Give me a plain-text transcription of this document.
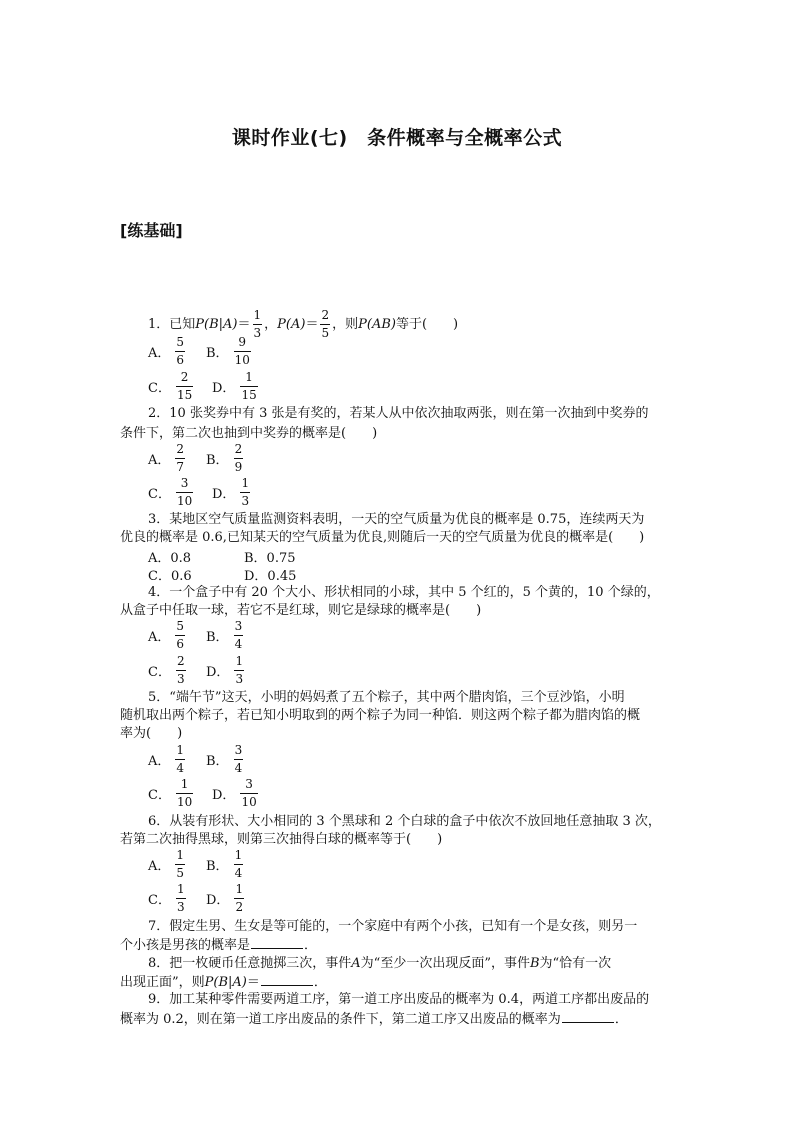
课时作业(七)　条件概率与全概率公式
[练基础]
1．已知$P(B|A)= \frac{1}{3}$ ，$P(A)= \frac{2}{5}$ ，则P(AB)等于(　　)
A． $\frac{5}{6}$ B． $\frac{9}{10}$
C． $\frac{2}{15}$ D． $\frac{1}{15}$
2．10 张奖券中有 3 张是有奖的，若某人从中依次抽取两张，则在第一次抽到中奖券的
条件下，第二次也抽到中奖券的概率是(　　)
A． $\frac{2}{7}$ B． $\frac{2}{9}$
C． $\frac{3}{10}$ D． $\frac{1}{3}$
3．某地区空气质量监测资料表明，一天的空气质量为优良的概率是 0.75，连续两天为
优良的概率是 0.6,已知某天的空气质量为优良,则随后一天的空气质量为优良的概率是(　　)
A．0.8	B．0.75
C．0.6	D．0.45
4．一个盒子中有 20 个大小、形状相同的小球，其中 5 个红的，5 个黄的，10 个绿的，
从盒子中任取一球，若它不是红球，则它是绿球的概率是(　　)
A． $\frac{5}{6}$ B． $\frac{3}{4}$
C． $\frac{2}{3}$ D． $\frac{1}{3}$
5．“端午节”这天，小明的妈妈煮了五个粽子，其中两个腊肉馅，三个豆沙馅，小明
随机取出两个粽子，若已知小明取到的两个粽子为同一种馅．则这两个粽子都为腊肉馅的概
率为(　　)
A． $\frac{1}{4}$ B． $\frac{3}{4}$
C． $\frac{1}{10}$ D． $\frac{3}{10}$
6．从装有形状、大小相同的 3 个黑球和 2 个白球的盒子中依次不放回地任意抽取 3 次，
若第二次抽得黑球，则第三次抽得白球的概率等于(　　)
A． $\frac{1}{5}$ B． $\frac{1}{4}$
C． $\frac{1}{3}$ D． $\frac{1}{2}$
7．假定生男、生女是等可能的，一个家庭中有两个小孩，已知有一个是女孩，则另一
个小孩是男孩的概率是	．
8．把一枚硬币任意抛掷三次，事件A为“至少一次出现反面”，事件B为“恰有一次
出现正面”，则P(B|A)＝	．
9．加工某种零件需要两道工序，第一道工序出废品的概率为 0.4，两道工序都出废品的
概率为 0.2，则在第一道工序出废品的条件下，第二道工序又出废品的概率为	．
